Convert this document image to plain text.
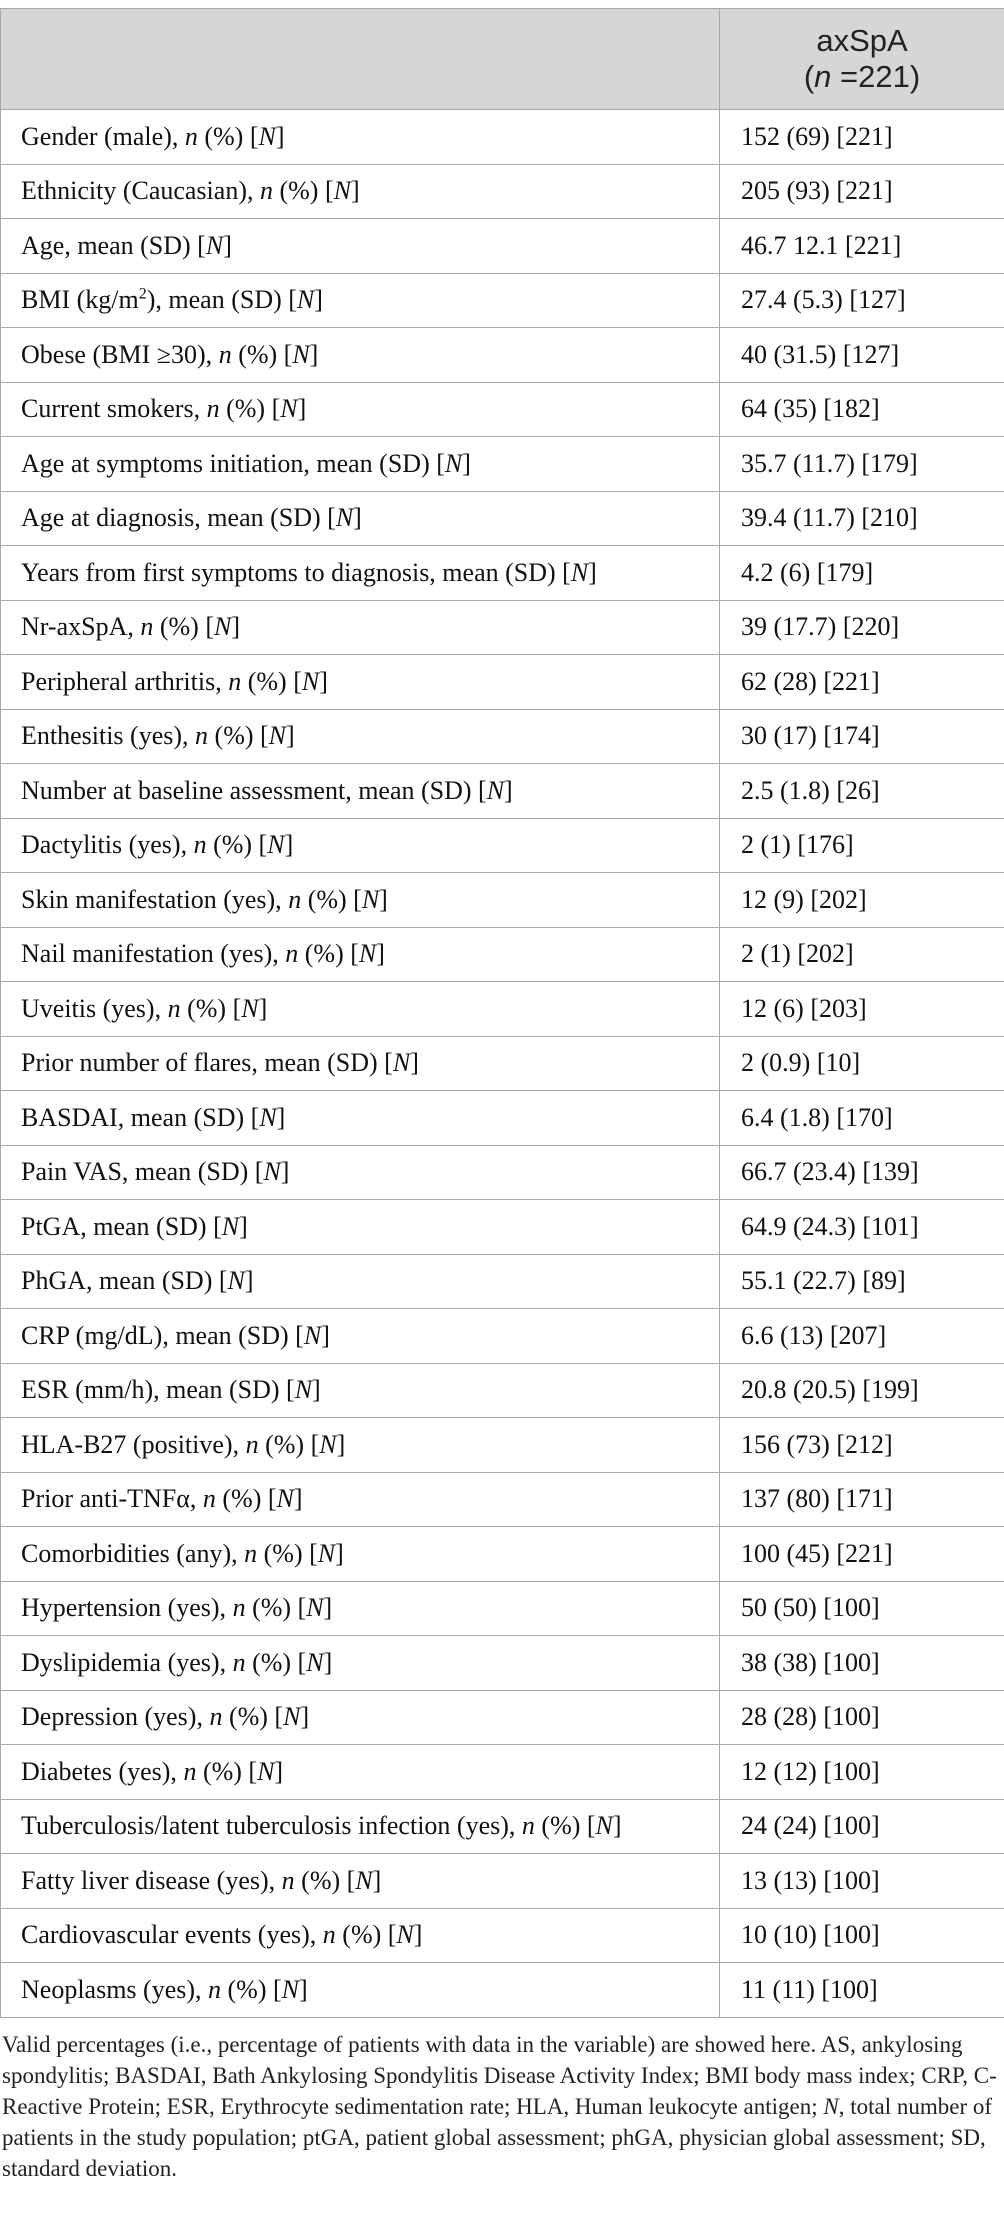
	axSpA
(n =221)
Gender (male), n (%) [N]	152 (69) [221]
Ethnicity (Caucasian), n (%) [N]	205 (93) [221]
Age, mean (SD) [N]	46.7 12.1 [221]
BMI $(kg/m^2)$, mean (SD) [N]	27.4 (5.3) [127]
Obese (BMI ≥30), n (%) [N]	40 (31.5) [127]
Current smokers, n (%) [N]	64 (35) [182]
Age at symptoms initiation, mean (SD) [N]	35.7 (11.7) [179]
Age at diagnosis, mean (SD) [N]	39.4 (11.7) [210]
Years from first symptoms to diagnosis, mean (SD) [N]	4.2 (6) [179]
Nr-axSpA, n (%) [N]	39 (17.7) [220]
Peripheral arthritis, n (%) [N]	62 (28) [221]
Enthesitis (yes), n (%) [N]	30 (17) [174]
Number at baseline assessment, mean (SD) [N]	2.5 (1.8) [26]
Dactylitis (yes), n (%) [N]	2 (1) [176]
Skin manifestation (yes), n (%) [N]	12 (9) [202]
Nail manifestation (yes), n (%) [N]	2 (1) [202]
Uveitis (yes), n (%) [N]	12 (6) [203]
Prior number of flares, mean (SD) [N]	2 (0.9) [10]
BASDAI, mean (SD) [N]	6.4 (1.8) [170]
Pain VAS, mean (SD) [N]	66.7 (23.4) [139]
PtGA, mean (SD) [N]	64.9 (24.3) [101]
PhGA, mean (SD) [N]	55.1 (22.7) [89]
CRP (mg/dL), mean (SD) [N]	6.6 (13) [207]
ESR (mm/h), mean (SD) [N]	20.8 (20.5) [199]
HLA-B27 (positive), n (%) [N]	156 (73) [212]
Prior anti-TNFα, n (%) [N]	137 (80) [171]
Comorbidities (any), n (%) [N]	100 (45) [221]
Hypertension (yes), n (%) [N]	50 (50) [100]
Dyslipidemia (yes), n (%) [N]	38 (38) [100]
Depression (yes), n (%) [N]	28 (28) [100]
Diabetes (yes), n (%) [N]	12 (12) [100]
Tuberculosis/latent tuberculosis infection (yes), n (%) [N]	24 (24) [100]
Fatty liver disease (yes), n (%) [N]	13 (13) [100]
Cardiovascular events (yes), n (%) [N]	10 (10) [100]
Neoplasms (yes), n (%) [N]	11 (11) [100]

Valid percentages (i.e., percentage of patients with data in the variable) are showed here. AS, ankylosing spondylitis; BASDAI, Bath Ankylosing Spondylitis Disease Activity Index; BMI body mass index; CRP, C-Reactive Protein; ESR, Erythrocyte sedimentation rate; HLA, Human leukocyte antigen; N, total number of patients in the study population; ptGA, patient global assessment; phGA, physician global assessment; SD, standard deviation.
